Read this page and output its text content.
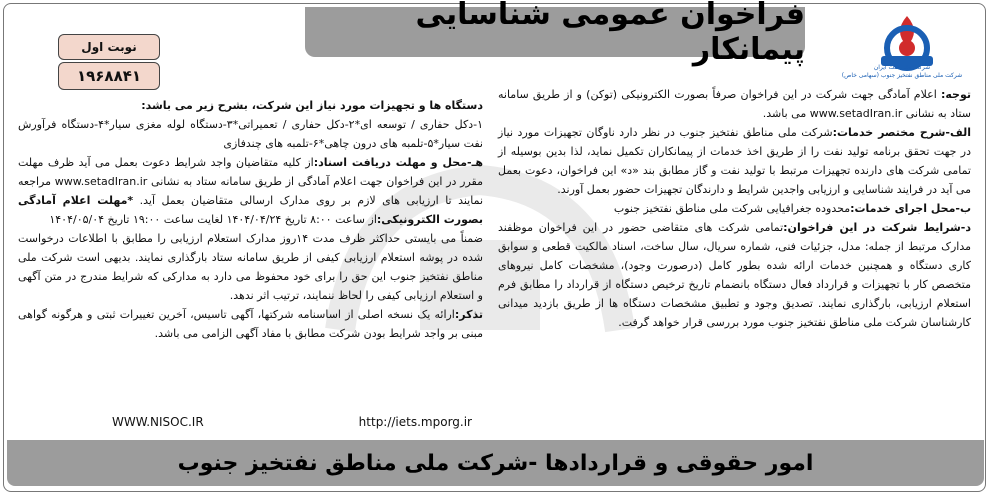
شرکت ملی نفت ایران
شرکت ملی مناطق نفتخیز جنوب (سهامی خاص)
فراخوان عمومی شناسایی پیمانکار
نوبت اول
۱۹۶۸۸۴۱

توجه: اعلام آمادگی جهت شرکت در این فراخوان صرفاً بصورت الکترونیکی (توکن) و از طریق سامانه ستاد به نشانی www.setadIran.ir می باشد.

الف-شرح مختصر خدمات:شرکت ملی مناطق نفتخیز جنوب در نظر دارد ناوگان تجهیزات مورد نیاز در جهت تحقق برنامه تولید نفت را از طریق اخذ خدمات از پیمانکاران تکمیل نماید، لذا بدین بوسیله از تمامی شرکت های دارنده تجهیزات مرتبط با تولید نفت و گاز مطابق بند «د» این فراخوان، دعوت بعمل می آید در فرایند شناسایی و ارزیابی واجدین شرایط و دارندگان تجهیزات حضور بعمل آورند.

ب-محل اجرای خدمات:محدوده جغرافیایی شرکت ملی مناطق نفتخیز جنوب

د-شرایط شرکت در این فراخوان:تمامی شرکت های متقاضی حضور در این فراخوان موظفند مدارک مرتبط از جمله: مدل، جزئیات فنی، شماره سریال، سال ساخت، اسناد مالکیت قطعی و سوابق کاری دستگاه و همچنین خدمات ارائه شده بطور کامل (درصورت وجود)، مشخصات کامل نیروهای متخصص کار با تجهیزات و قرارداد فعال دستگاه بانضمام تاریخ ترخیص دستگاه از قرارداد را مطابق فرم استعلام ارزیابی، بارگذاری نمایند. تصدیق وجود و تطبیق مشخصات دستگاه ها از طریق بازدید میدانی کارشناسان شرکت ملی مناطق نفتخیز جنوب مورد بررسی قرار خواهد گرفت.

دستگاه ها و تجهیزات مورد نیاز این شرکت، بشرح زیر می باشد:

۱-دکل حفاری / توسعه ای*۲-دکل حفاری / تعمیراتی*۳-دستگاه لوله مغزی سیار*۴-دستگاه فرآورش نفت سیار*۵-تلمبه های درون چاهی*۶-تلمبه های چندفازی

هـ-محل و مهلت دریافت اسناد:از کلیه متقاضیان واجد شرایط دعوت بعمل می آید ظرف مهلت مقرر در این فراخوان جهت اعلام آمادگی از طریق سامانه ستاد به نشانی www.setadIran.ir مراجعه نمایند تا ارزیابی های لازم بر روی مدارک ارسالی متقاضیان بعمل آید. *مهلت اعلام آمادگی بصورت الکترونیکی:از ساعت ۸:۰۰ تاریخ ۱۴۰۴/۰۴/۲۴ لغایت ساعت ۱۹:۰۰ تاریخ ۱۴۰۴/۰۵/۰۴

ضمناً می بایستی حداکثر ظرف مدت ۱۴روز مدارک استعلام ارزیابی را مطابق با اطلاعات درخواست شده در پوشه استعلام ارزیابی کیفی از طریق سامانه ستاد بارگذاری نمایند. بدیهی است شرکت ملی مناطق نفتخیز جنوب این حق را برای خود محفوظ می دارد به مدارکی که شرایط مندرج در متن آگهی و استعلام ارزیابی کیفی را لحاظ ننمایند، ترتیب اثر ندهد.

تذکر:ارائه یک نسخه اصلی از اساسنامه شرکتها، آگهی تاسیس، آخرین تغییرات ثبتی و هرگونه گواهی مبنی بر واجد شرایط بودن شرکت مطابق با مفاد آگهی الزامی می باشد.

WWW.NISOC.IR	http://iets.mporg.ir
امور حقوقی و قراردادها -شرکت ملی مناطق نفتخیز جنوب
